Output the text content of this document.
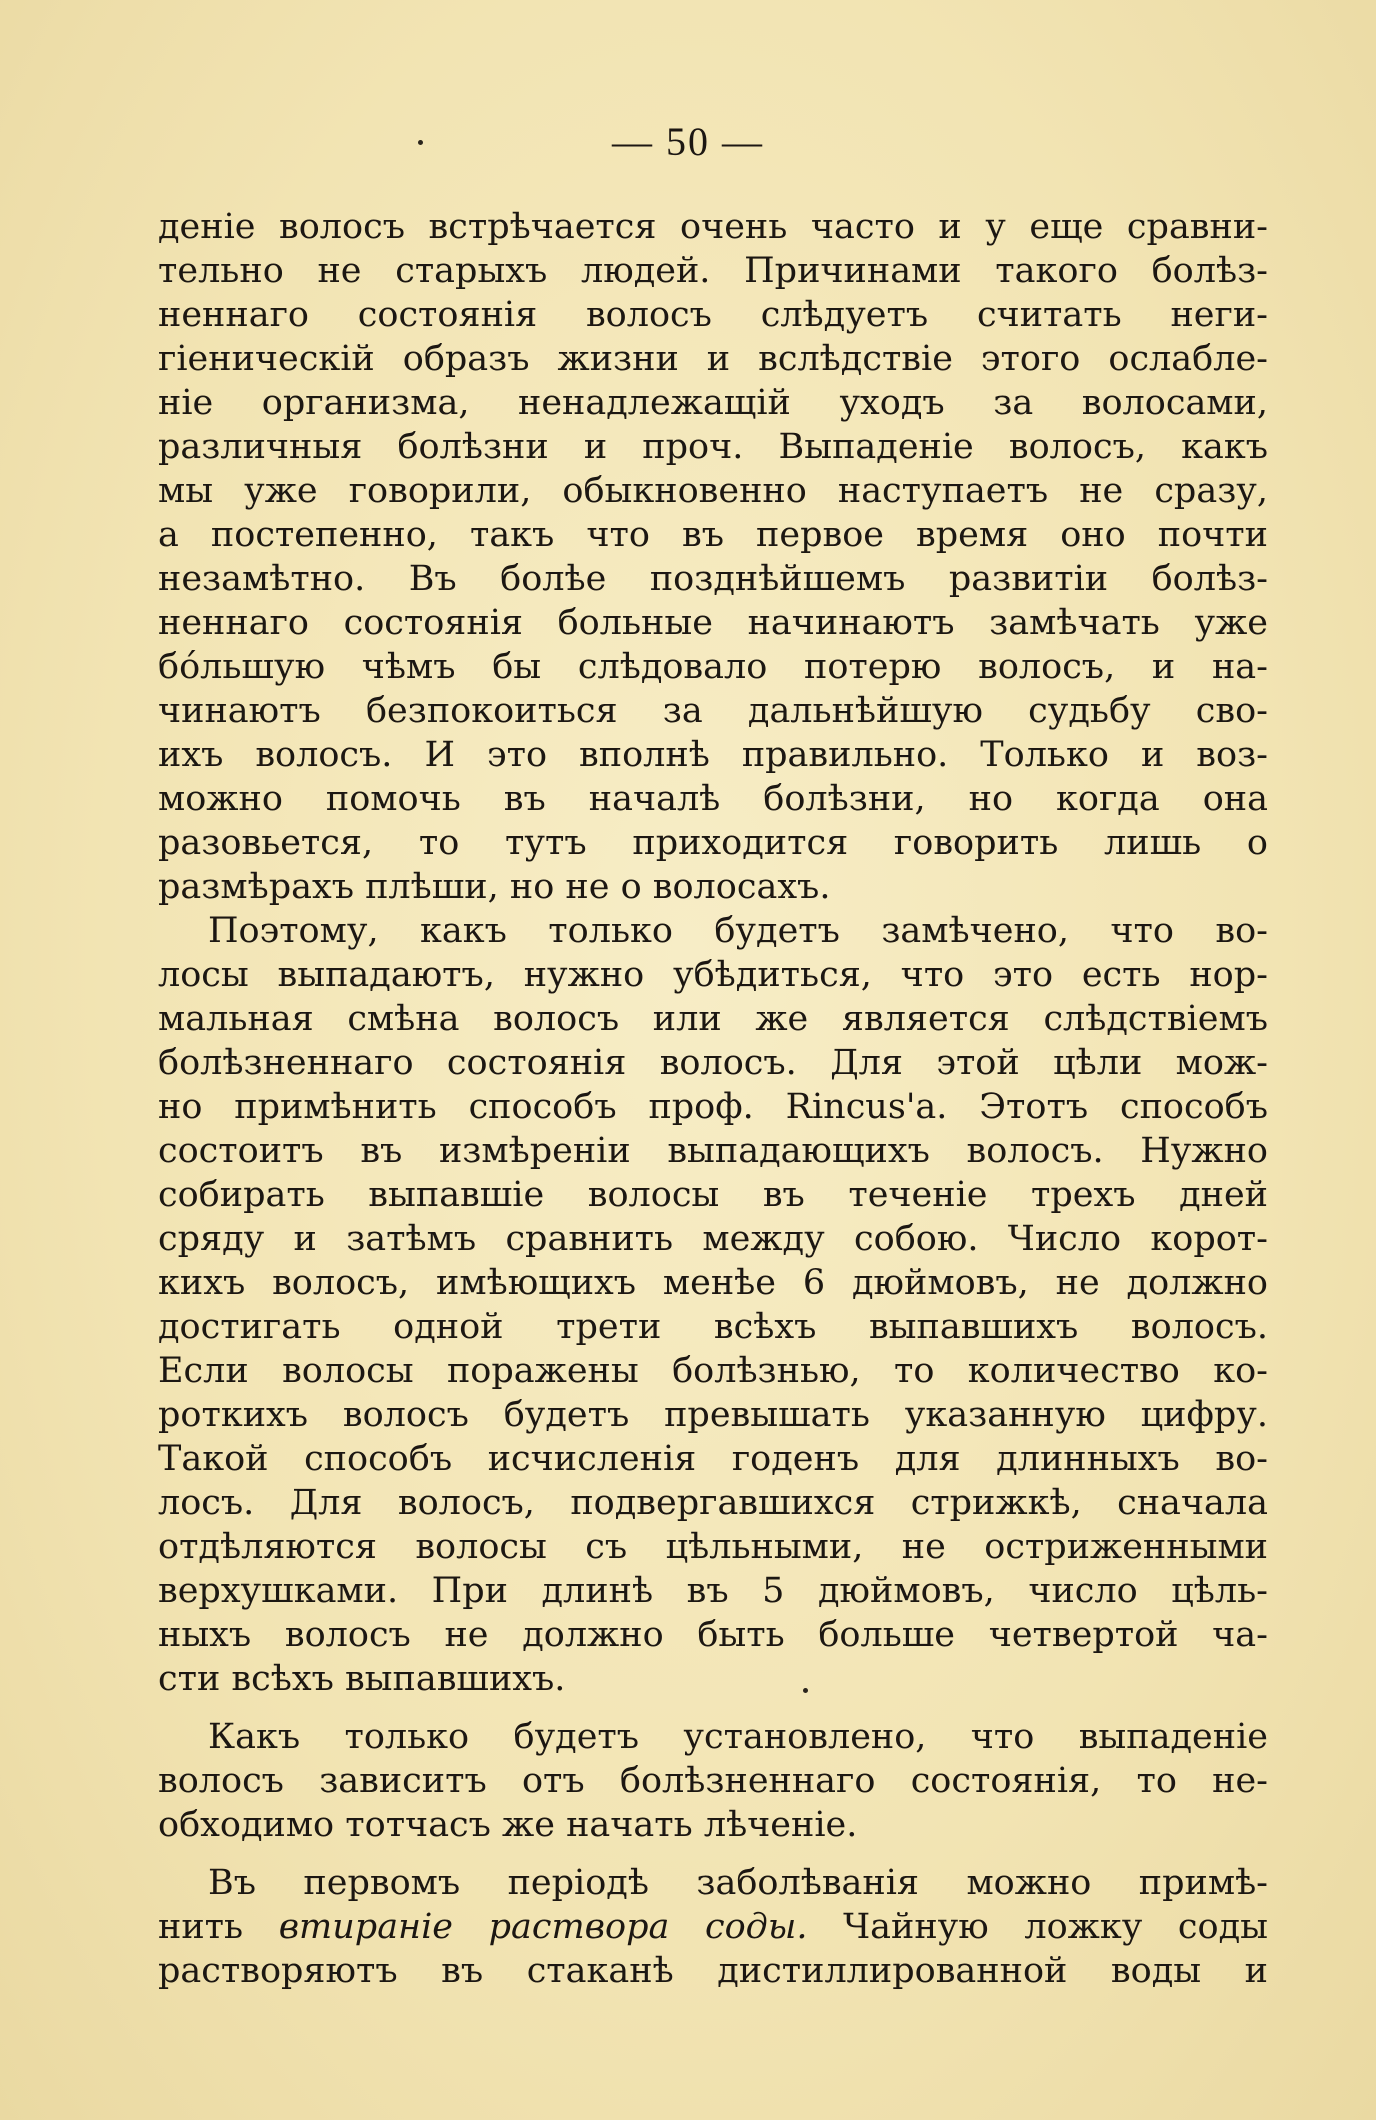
— 50 —
деніе волосъ встрѣчается очень часто и у еще сравни-
тельно не старыхъ людей. Причинами такого болѣз-
неннаго состоянія волосъ слѣдуетъ считать неги-
гіеническій образъ жизни и вслѣдствіе этого ослабле-
ніе организма, ненадлежащій уходъ за волосами,
различныя болѣзни и проч. Выпаденіе волосъ, какъ
мы уже говорили, обыкновенно наступаетъ не сразу,
а постепенно, такъ что въ первое время оно почти
незамѣтно. Въ болѣе позднѣйшемъ развитіи болѣз-
неннаго состоянія больные начинаютъ замѣчать уже
бо́льшую чѣмъ бы слѣдовало потерю волосъ, и на-
чинаютъ безпокоиться за дальнѣйшую судьбу сво-
ихъ волосъ. И это вполнѣ правильно. Только и воз-
можно помочь въ началѣ болѣзни, но когда она
разовьется, то тутъ приходится говорить лишь о
размѣрахъ плѣши, но не о волосахъ.
Поэтому, какъ только будетъ замѣчено, что во-
лосы выпадаютъ, нужно убѣдиться, что это есть нор-
мальная смѣна волосъ или же является слѣдствіемъ
болѣзненнаго состоянія волосъ. Для этой цѣли мож-
но примѣнить способъ проф. Rincus'а. Этотъ способъ
состоитъ въ измѣреніи выпадающихъ волосъ. Нужно
собирать выпавшіе волосы въ теченіе трехъ дней
сряду и затѣмъ сравнить между собою. Число корот-
кихъ волосъ, имѣющихъ менѣе 6 дюймовъ, не должно
достигать одной трети всѣхъ выпавшихъ волосъ.
Если волосы поражены болѣзнью, то количество ко-
роткихъ волосъ будетъ превышать указанную цифру.
Такой способъ исчисленія годенъ для длинныхъ во-
лосъ. Для волосъ, подвергавшихся стрижкѣ, сначала
отдѣляются волосы съ цѣльными, не остриженными
верхушками. При длинѣ въ 5 дюймовъ, число цѣль-
ныхъ волосъ не должно быть больше четвертой ча-
сти всѣхъ выпавшихъ.
Какъ только будетъ установлено, что выпаденіе
волосъ зависитъ отъ болѣзненнаго состоянія, то не-
обходимо тотчасъ же начать лѣченіе.
Въ первомъ періодѣ заболѣванія можно примѣ-
нить втираніе раствора соды. Чайную ложку соды
растворяютъ въ стаканѣ дистиллированной воды и
